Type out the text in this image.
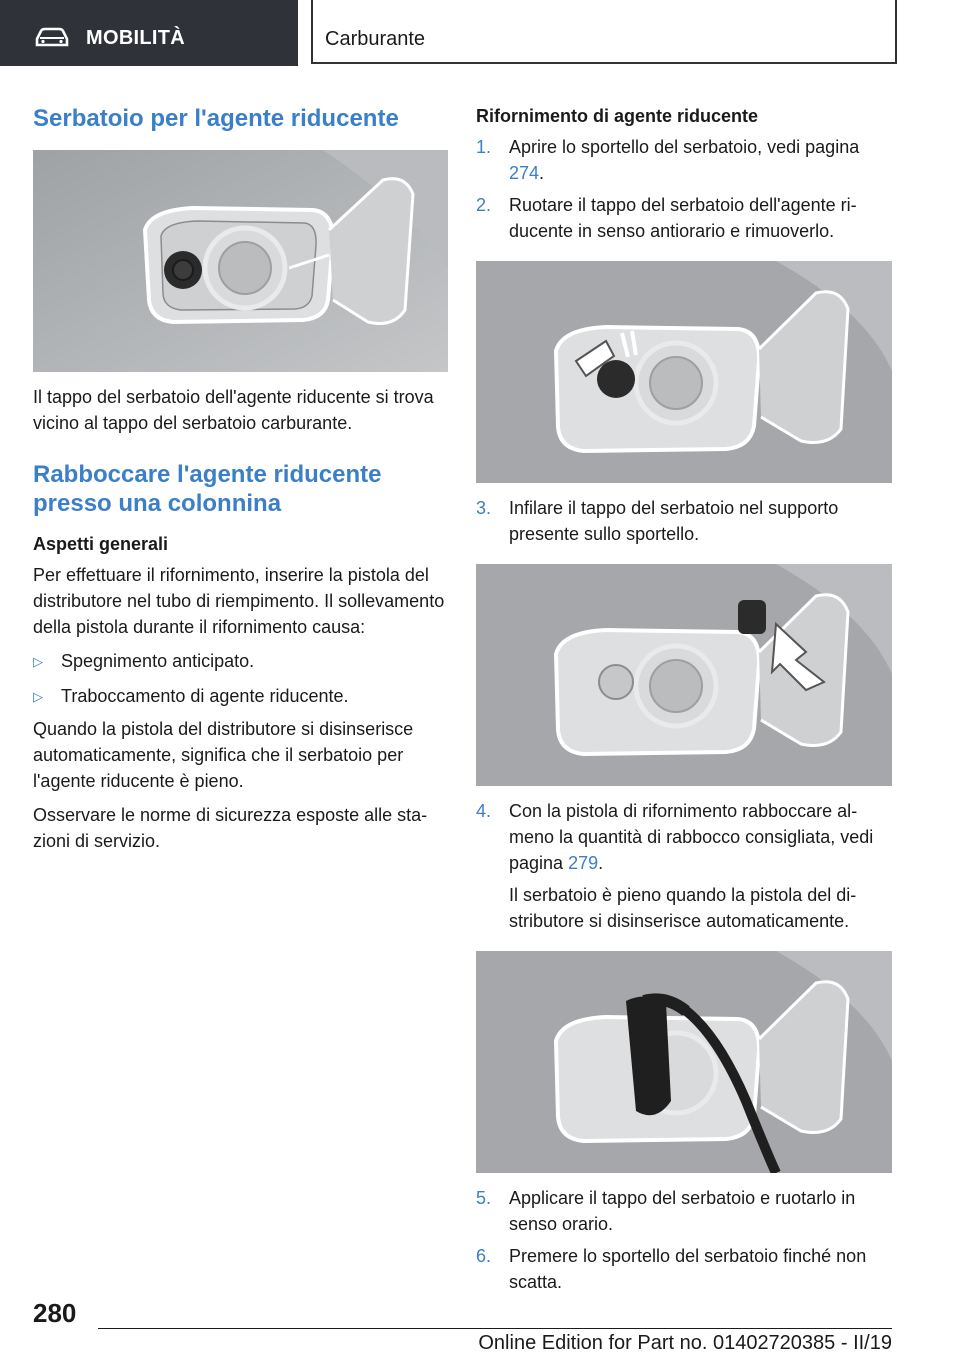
MOBILITÀ	Carburante
Serbatoio per l'agente riducente

Il tappo del serbatoio dell'agente riducente si trova vicino al tappo del serbatoio carburante.

Rabboccare l'agente riducente
presso una colonnina
Aspetti generali

Per effettuare il rifornimento, inserire la pistola del distributore nel tubo di riempimento. Il sollevamento della pistola durante il rifornimento causa:

▷	Spegnimento anticipato.
▷	Traboccamento di agente riducente.

Quando la pistola del distributore si disinserisce automaticamente, significa che il serbatoio per l'agente riducente è pieno.

Osservare le norme di sicurezza esposte alle stazioni di servizio.

Rifornimento di agente riducente
1. Aprire lo sportello del serbatoio, vedi pagina 274.
2. Ruotare il tappo del serbatoio dell'agente riducente in senso antiorario e rimuoverlo.
3. Infilare il tappo del serbatoio nel supporto presente sullo sportello.
4. Con la pistola di rifornimento rabboccare almeno la quantità di rabbocco consigliata, vedi pagina 279.
Il serbatoio è pieno quando la pistola del distributore si disinserisce automaticamente.
5. Applicare il tappo del serbatoio e ruotarlo in senso orario.
6. Premere lo sportello del serbatoio finché non scatta.
280
Online Edition for Part no. 01402720385 - II/19
